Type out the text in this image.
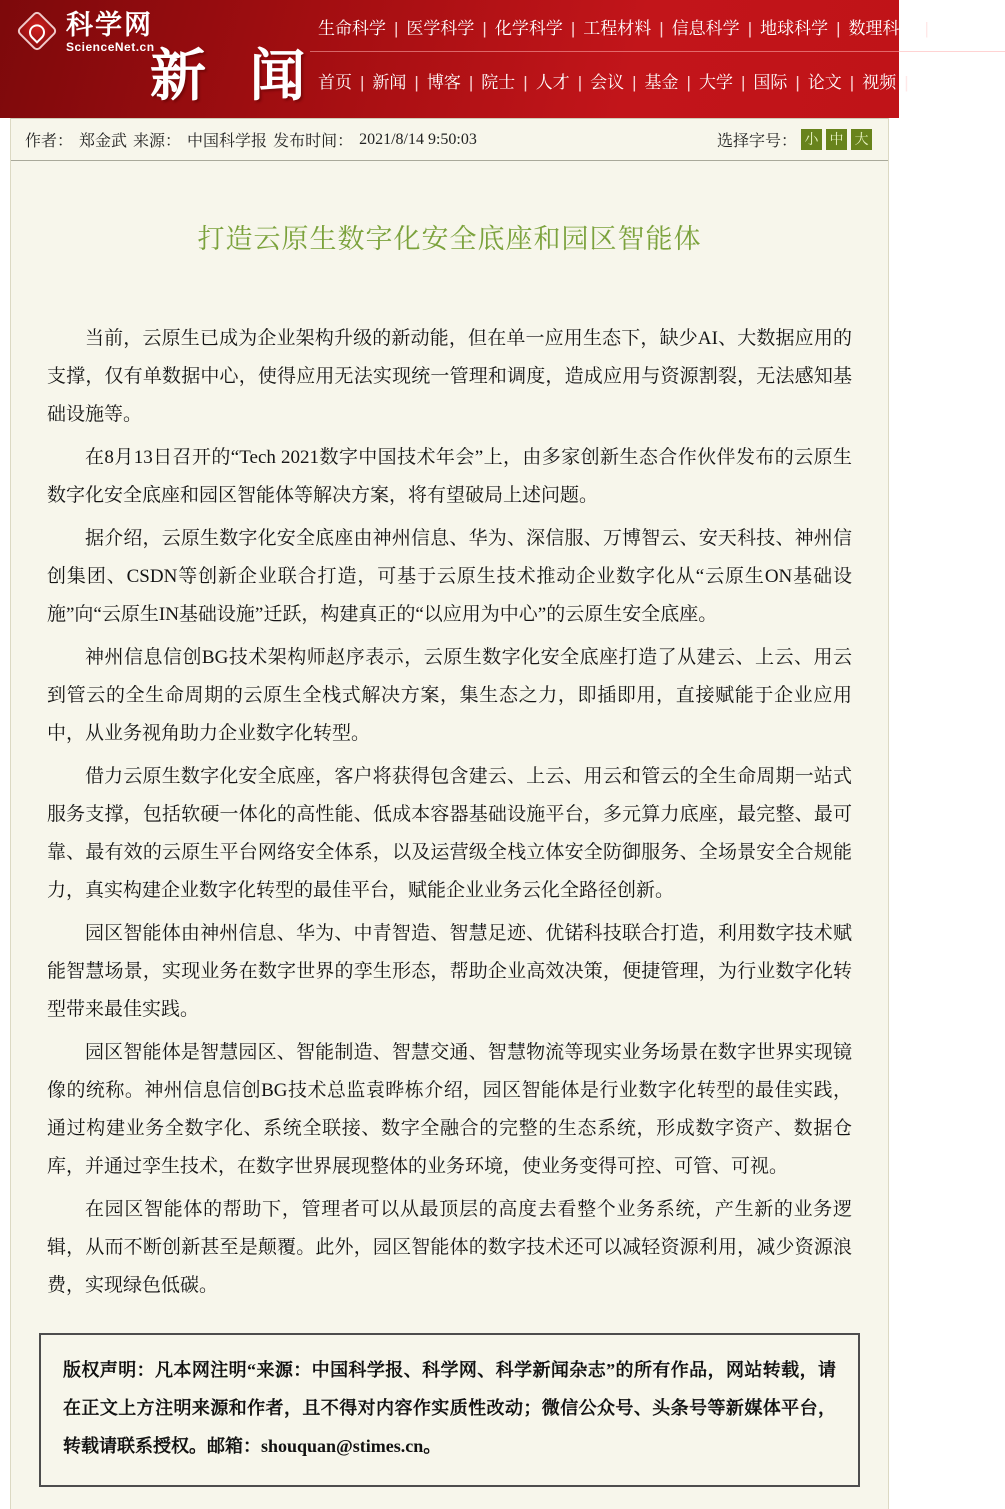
科学网
ScienceNet.cn
新 闻
生命科学 |	医学科学 |	化学科学 |	工程材料 |	信息科学 |	地球科学 |	数理科学 |	管理科学
首页 |	新闻 |	博客 |	院士 |	人才 |	会议 |	基金 |	大学 |	国际 |	论文 |	视频 |	小柯机器人
作者： 郑金武 来源： 中国科学报 发布时间： 2021/8/14 9:50:03	选择字号： 小 中 大
打造云原生数字化安全底座和园区智能体

当前，云原生已成为企业架构升级的新动能，但在单一应用生态下，缺少AI、大数据应用的支撑，仅有单数据中心，使得应用无法实现统一管理和调度，造成应用与资源割裂，无法感知基础设施等。

在8月13日召开的“Tech 2021数字中国技术年会”上，由多家创新生态合作伙伴发布的云原生数字化安全底座和园区智能体等解决方案，将有望破局上述问题。

据介绍，云原生数字化安全底座由神州信息、华为、深信服、万博智云、安天科技、神州信创集团、CSDN等创新企业联合打造，可基于云原生技术推动企业数字化从“云原生ON基础设施”向“云原生IN基础设施”迁跃，构建真正的“以应用为中心”的云原生安全底座。

神州信息信创BG技术架构师赵序表示，云原生数字化安全底座打造了从建云、上云、用云到管云的全生命周期的云原生全栈式解决方案，集生态之力，即插即用，直接赋能于企业应用中，从业务视角助力企业数字化转型。

借力云原生数字化安全底座，客户将获得包含建云、上云、用云和管云的全生命周期一站式服务支撑，包括软硬一体化的高性能、低成本容器基础设施平台，多元算力底座，最完整、最可靠、最有效的云原生平台网络安全体系，以及运营级全栈立体安全防御服务、全场景安全合规能力，真实构建企业数字化转型的最佳平台，赋能企业业务云化全路径创新。

园区智能体由神州信息、华为、中青智造、智慧足迹、优锘科技联合打造，利用数字技术赋能智慧场景，实现业务在数字世界的孪生形态，帮助企业高效决策，便捷管理，为行业数字化转型带来最佳实践。

园区智能体是智慧园区、智能制造、智慧交通、智慧物流等现实业务场景在数字世界实现镜像的统称。神州信息信创BG技术总监袁晔栋介绍，园区智能体是行业数字化转型的最佳实践，通过构建业务全数字化、系统全联接、数字全融合的完整的生态系统，形成数字资产、数据仓库，并通过孪生技术，在数字世界展现整体的业务环境，使业务变得可控、可管、可视。

在园区智能体的帮助下，管理者可以从最顶层的高度去看整个业务系统，产生新的业务逻辑，从而不断创新甚至是颠覆。此外，园区智能体的数字技术还可以减轻资源利用，减少资源浪费，实现绿色低碳。

版权声明：凡本网注明“来源：中国科学报、科学网、科学新闻杂志”的所有作品，网站转载，请在正文上方注明来源和作者，且不得对内容作实质性改动；微信公众号、头条号等新媒体平台，转载请联系授权。邮箱：shouquan@stimes.cn。
